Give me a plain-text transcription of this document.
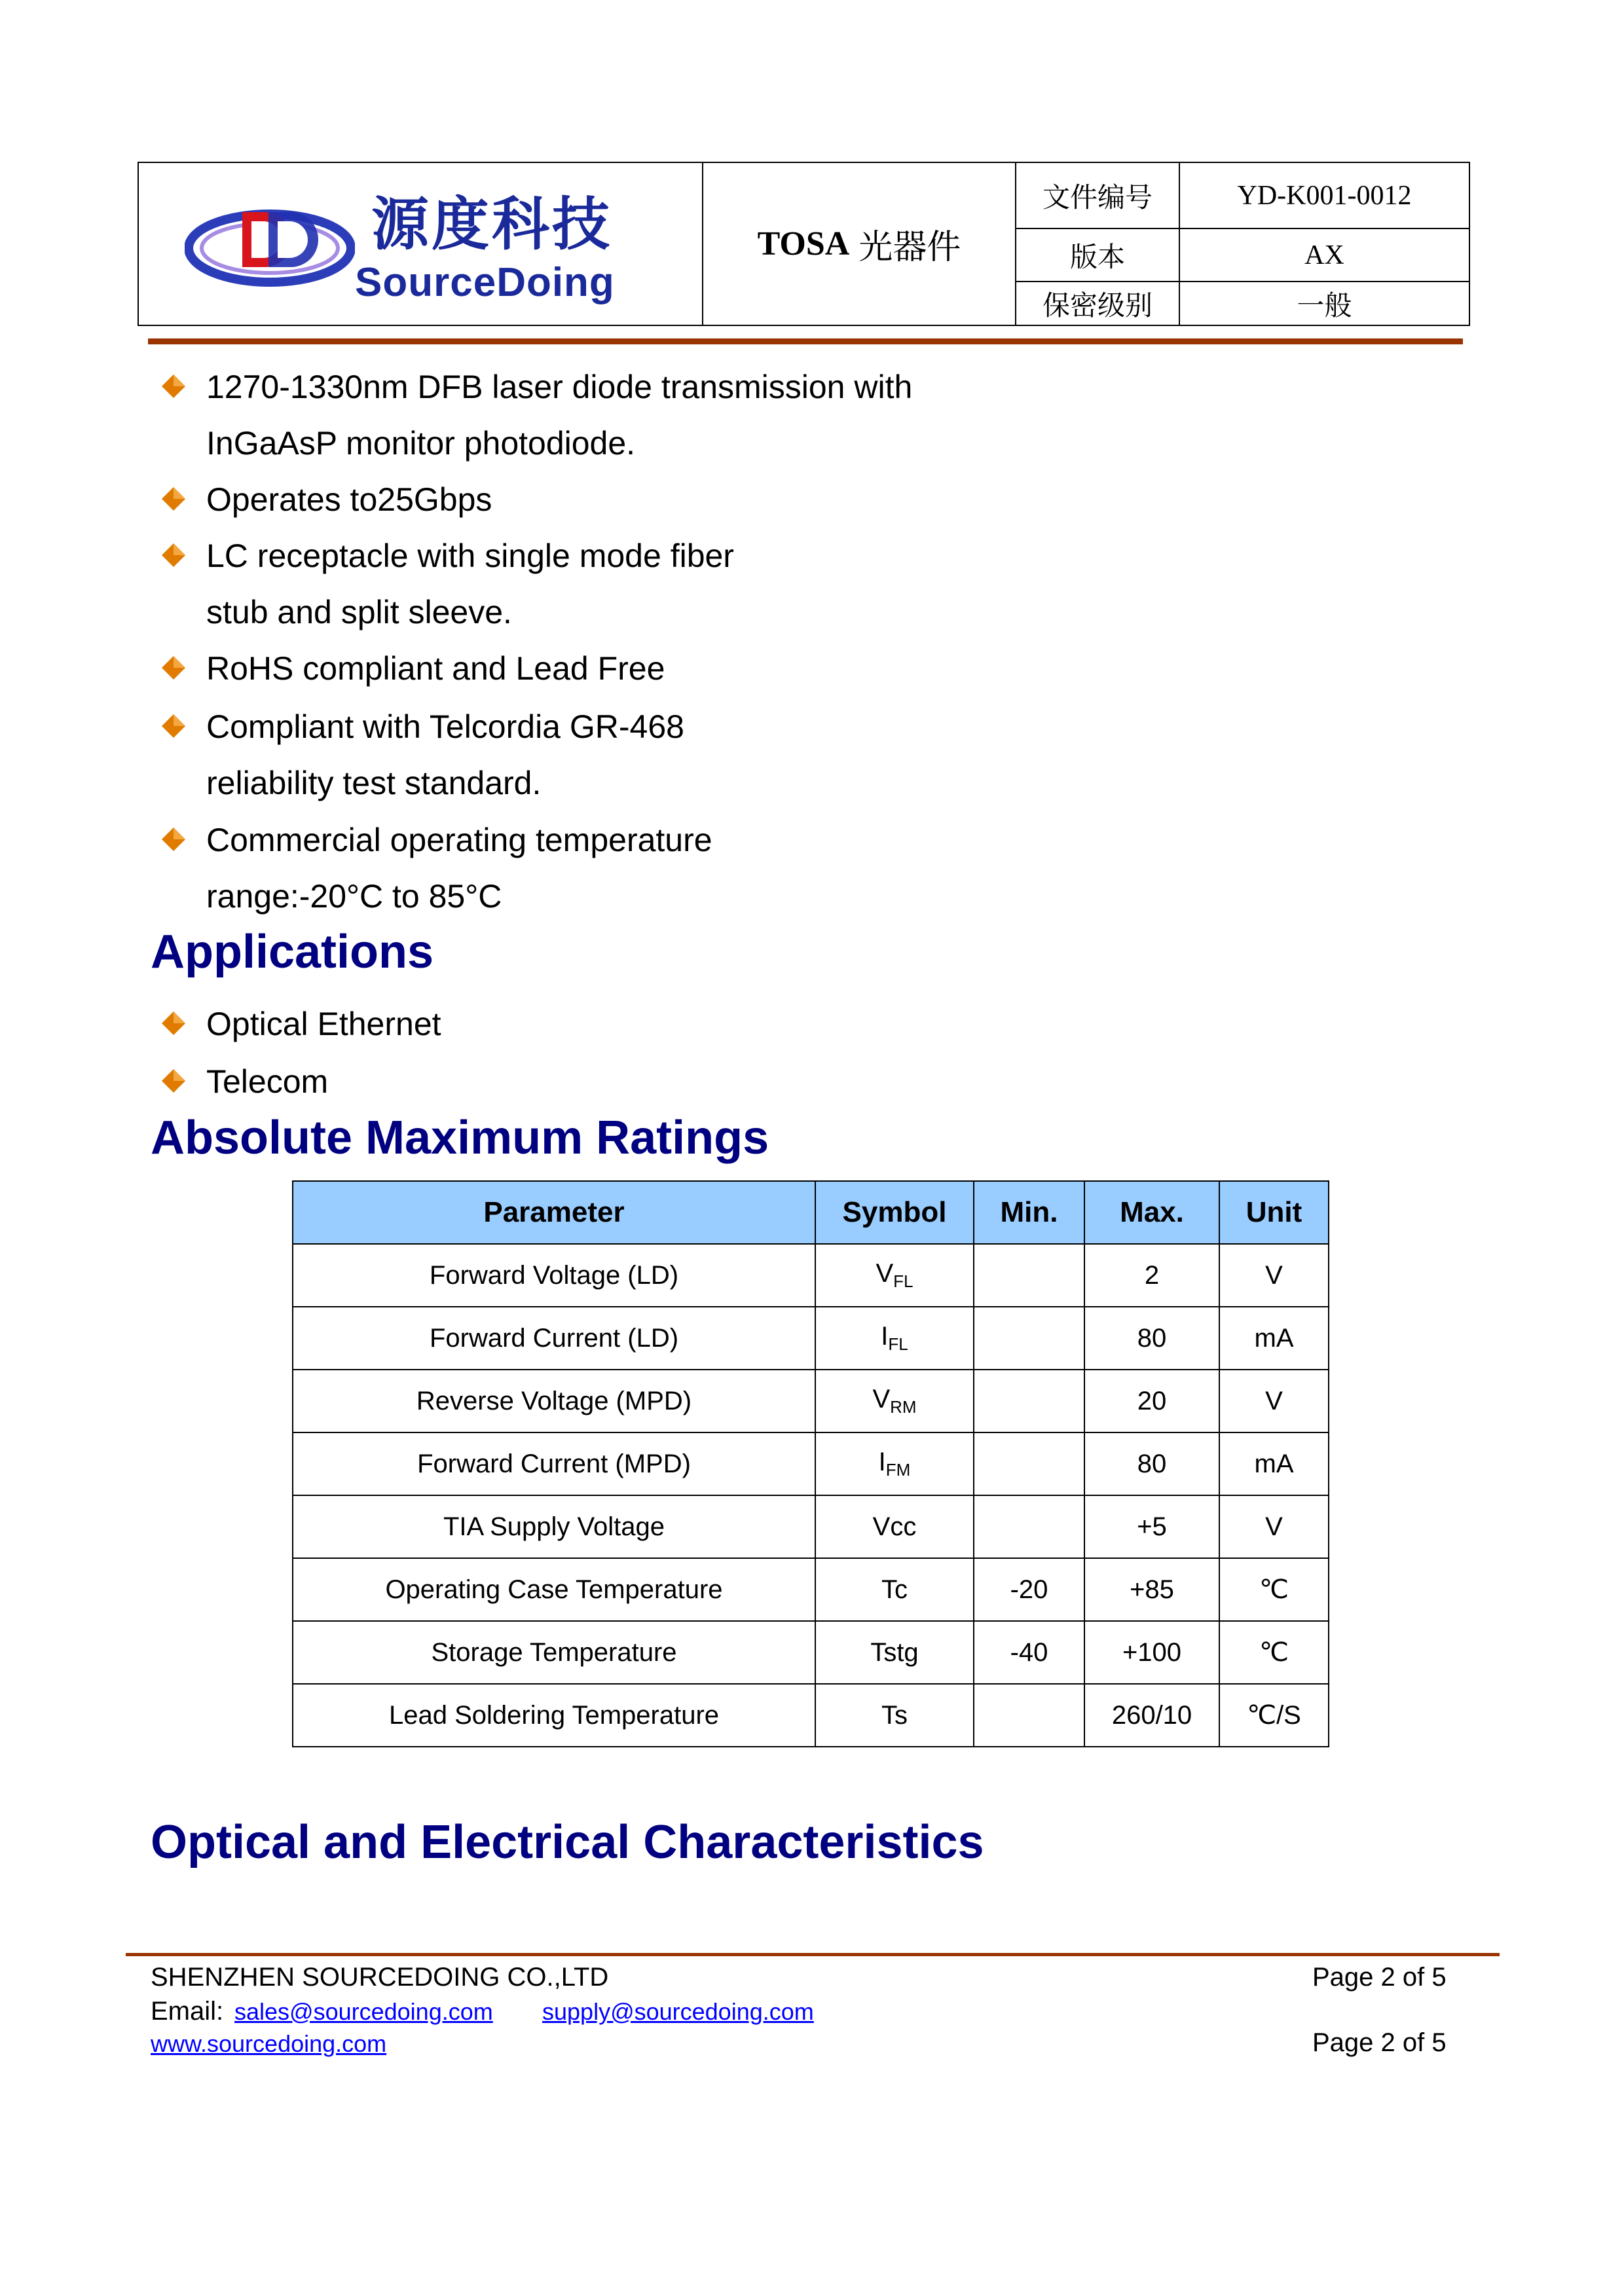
源度科技
SourceDoing
TOSA 光器件
文件编号	YD-K001-0012
版本	AX
保密级别	一般
1270-1330nm DFB laser diode transmission with
InGaAsP monitor photodiode.
Operates to25Gbps
LC receptacle with single mode fiber
stub and split sleeve.
RoHS compliant and Lead Free
Compliant with Telcordia GR-468
reliability test standard.
Commercial operating temperature
range:-20°C to 85°C
Applications
Optical Ethernet
Telecom
Absolute Maximum Ratings
Parameter	Symbol	Min.	Max.	Unit
Forward Voltage (LD)	$V_{FL}$		2	V
Forward Current (LD)	$I_{FL}$		80	mA
Reverse Voltage (MPD)	$V_{RM}$		20	V
Forward Current (MPD)	$I_{FM}$		80	mA
TIA Supply Voltage	Vcc		+5	V
Operating Case Temperature	Tc	-20	+85	℃
Storage Temperature	Tstg	-40	+100	℃
Lead Soldering Temperature	Ts		260/10	℃/S
Optical and Electrical Characteristics
SHENZHEN SOURCEDOING CO.,LTD	Page 2 of 5
Email: sales@sourcedoing.com supply@sourcedoing.com
www.sourcedoing.com	Page 2 of 5
